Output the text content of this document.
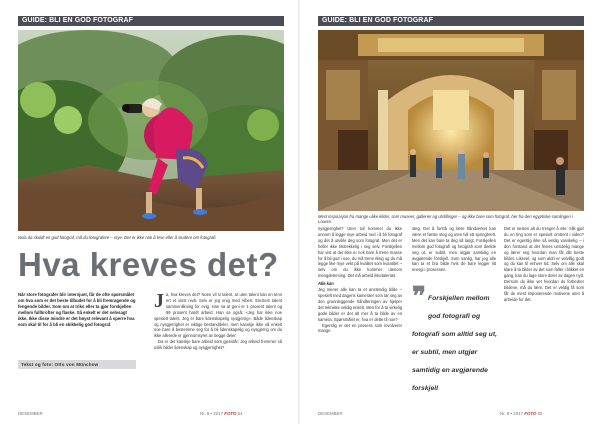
GUIDE: BLI EN GOD FOTOGRAF
Nola da skuldt en god fotograf, må du fotografere – mye. Det er ikke nok å lese eller å studere om fotografi.
Hva kreves det?
Når store fotografer blir intervjuet, får de ofte spørsmålet om hva som er det beste tilbudet for å bli fremragende og fengende bilder. Som om at triks eller ta gjør forskjellen mellom fullbrofter og flaske. Så enkelt er det selvsagt ikke. Ikke disse mindre er det høyst relevant å sperre hva som skal til for å bli en skikkelig god fotograf.
Tekst og foto: Otto von Münchow
J a, hva kreves det? Noen vil si talent, at uten talent kan en tenn ert et visst nivå. Selv er jeg enig med Albert. Einstein talent sammenlikning for evig. Han sa at geni er 1 prosent talent og 99 prosent hardt arbeid. Han sa også: «Jeg har ikke noe spesielt talent. Jeg er bare lidenskapelig nysgjerrig». Både lidenskap og nysgjerrighet er viktige bestanddeler, men kanskje ikke så enkelt noe bare å bestemme seg for å bli lidenskapelig og nysgjerrig om du ikke allerede er gjennomsyret av begge deler.
Da er det kanskje bare arbeid som gjenstår: Jeg arbeid fremmer så uslik bilder lidenskap og nysgjerrighet?
DESEMBER	Nr. 8 • 2017 FOTO 54
GUIDE: BLI EN GOD FOTOGRAF
Mest inspirasjon fra mange ulike kilder, som museer, gallerier og utstillinger – og ikke bare som fotograf, her fra den egyptiske samlingen i Louvre.
nysgjerrighet? Uten tvil kommer du ikke unnom å legge mye arbeid ned i å bli fotograf og det å utvikle deg som fotograf. Men det er heller ikke tilstrekkelig i seg selv. Forskjellen har vist at det ikke er nok bare å trene masse for å bli god i noe, du må trene riktig og du må legge like mye vekt på kvalitet som kvantitet – selv om du ikke kommer utenom mengdetrening. Det må arbeid ikketalentet.
Alle kan
Jeg mener alle kan ta et anstendig bilde – spesielt med dagens kameraer som tar seg av den grunnleggende håndteringen av hjelper det tekniske veldig enkelt. Men for å ta virkelig gode bilder er det alt mer å ta bilde av en kamera. Spørsmålet er, hva er dette til noe?
Egentlig er det en prosess som involverer mange
❞ Forskjellen mellom god fotografi og fotografi som alltid seg ut, er subtil, men utgjør samtidig en avgjørende forskjell
steg. Det å forstå og lære håndverket kan være et første steg og uten tvil ett springbrett. Men det kan bare ta deg så langt. Forskjellen mellom god fotografi og fotografi som direkte seg ut, er subtil, men utgjør samtidig en avgjørende forskjell. Som vanlig, har jeg alle kan ta et bra bilde hvis de bare legger litt energi i prosessen.
Det er nesten alt du trenger å vite: Slik gjør du en ting som er spesielt omtrent i video? Det er egentlig ikke så veldig vanskelig – i den forstand at det finnes uendelig mange og lærer seg hvordan man får ditt beste bildet. Likevel, og som aldri er velvillig godt og du kan til enhver tid. Selv om alle skal klare å ta bilder av det som faller i blikket en gang, kan du lage store deler av dagen nytt. Dersom du ikke vet hvordan du forbedrer bildene, må du lære. Det er veldig få som får de mest imponerende motivene uten å arbeide for det.
DESEMBER	Nr. 8 • 2017 FOTO 55
